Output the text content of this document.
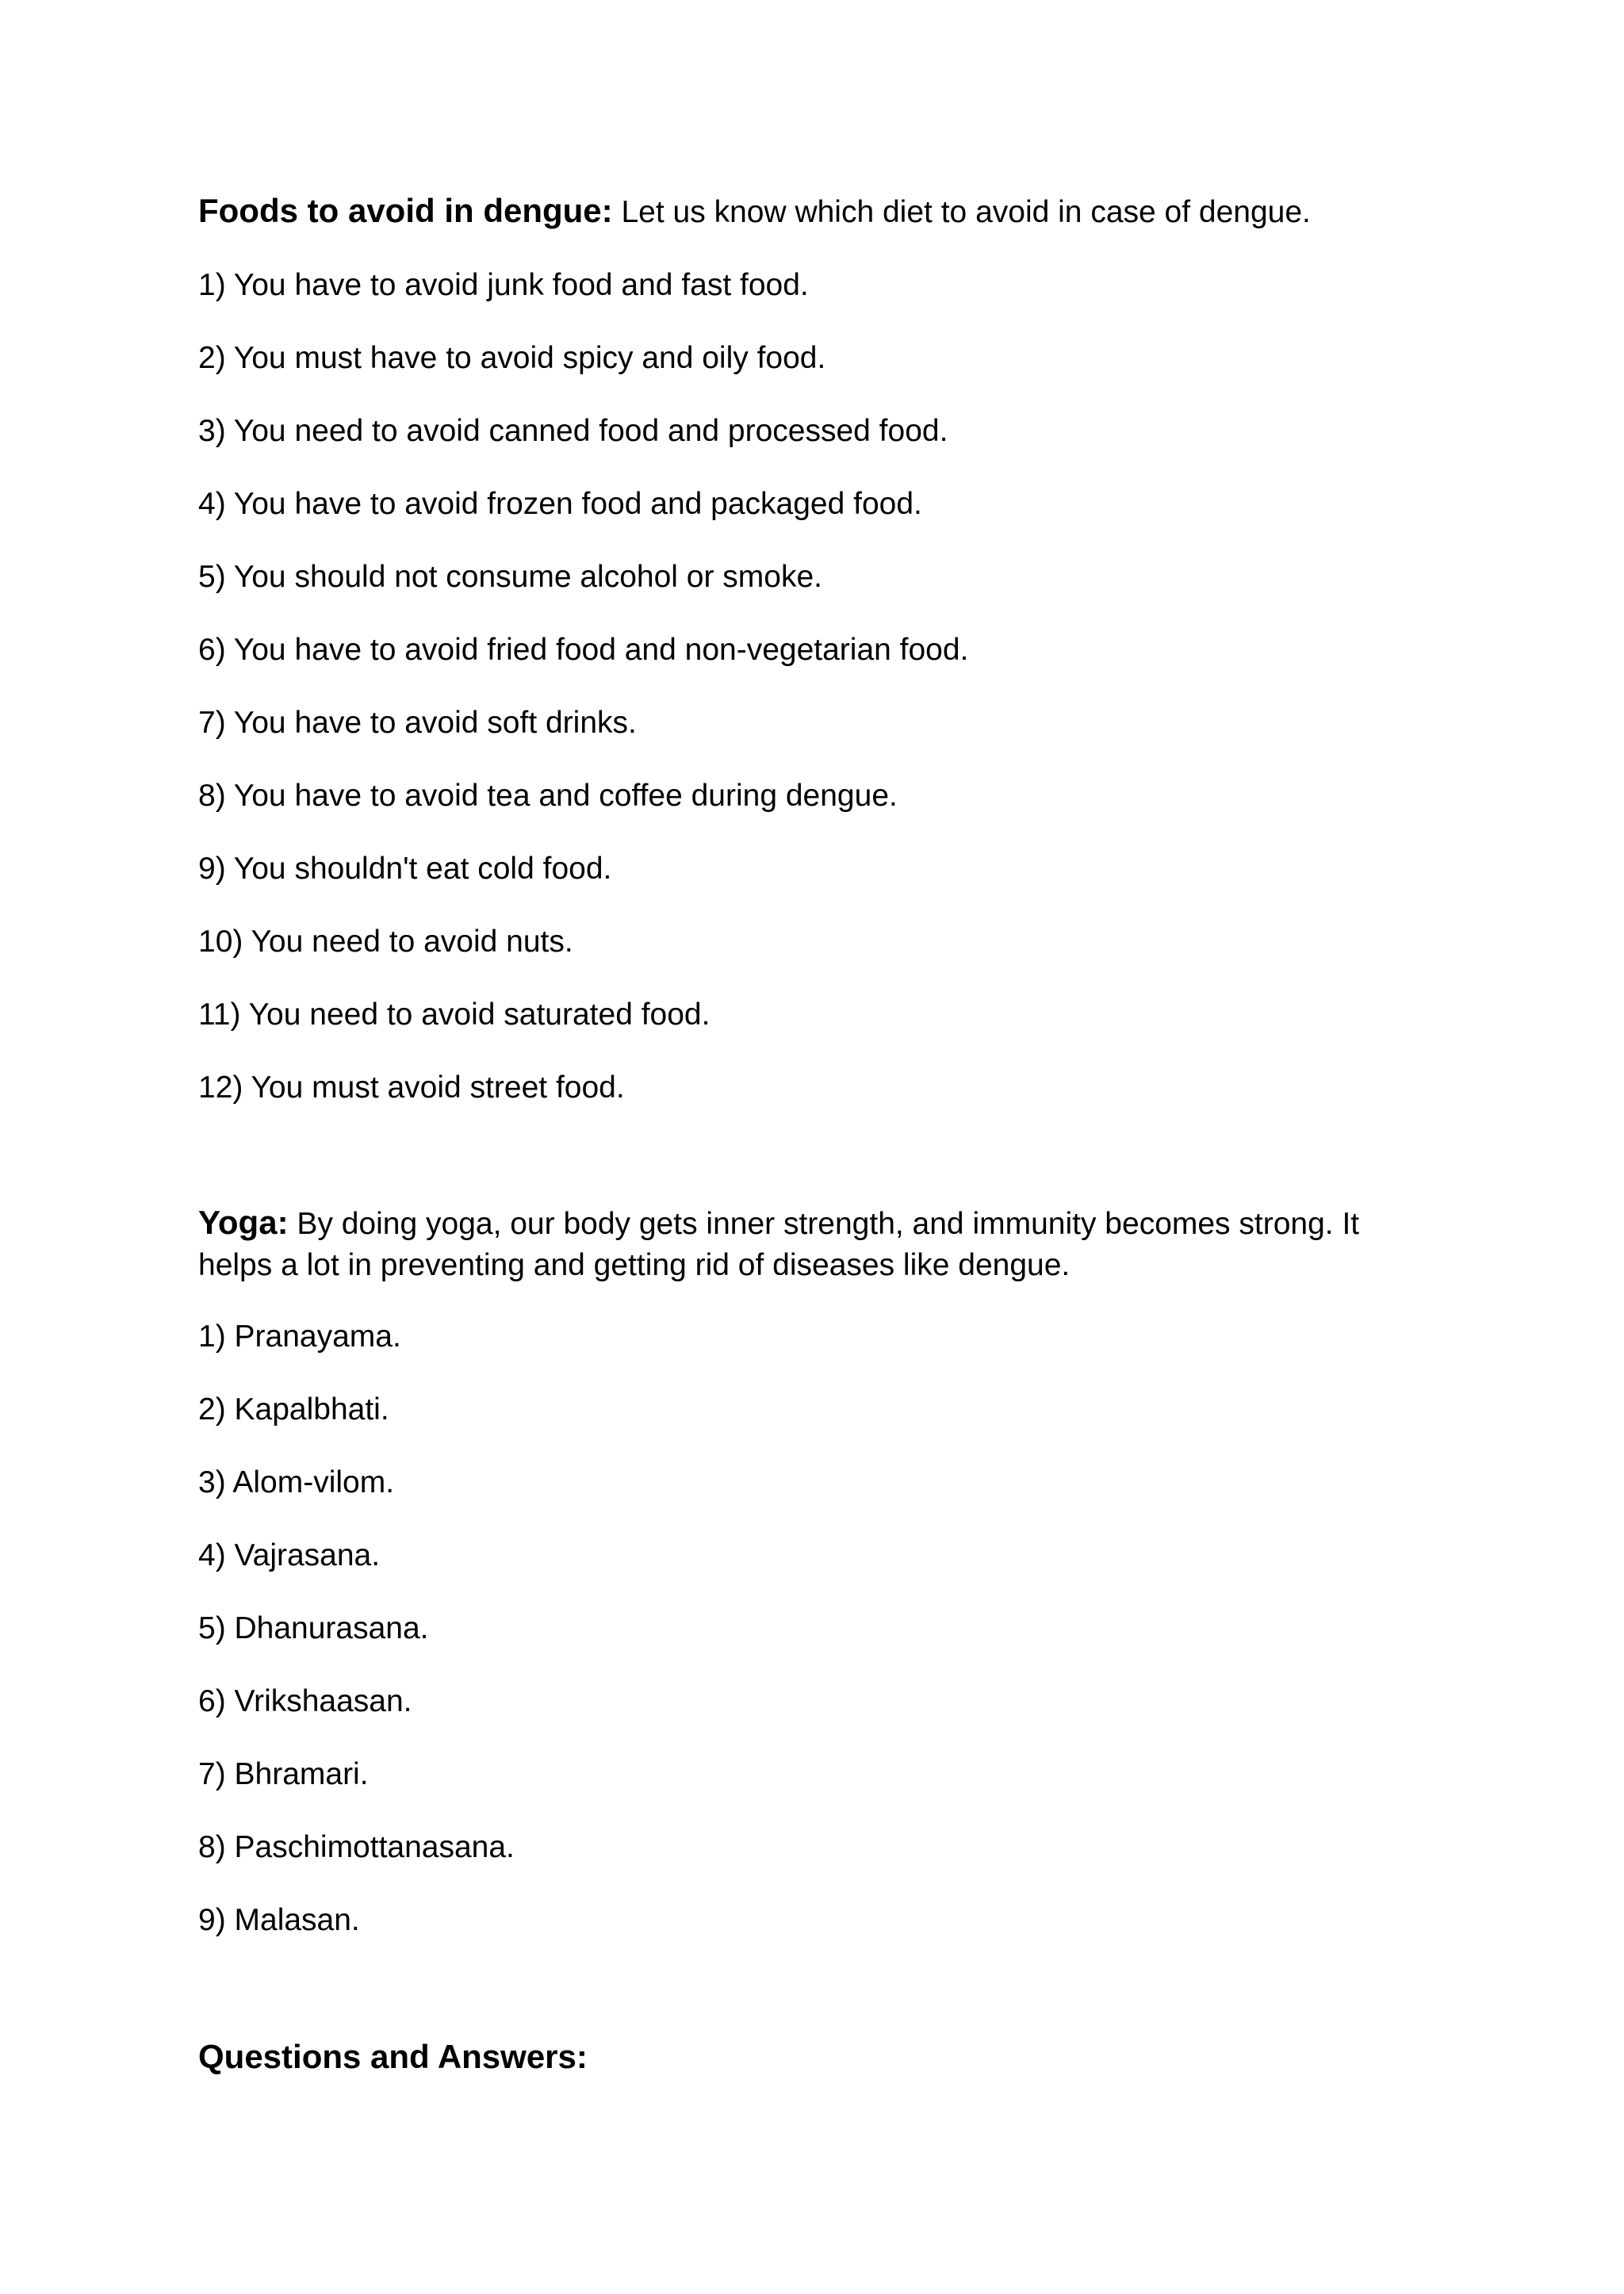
Foods to avoid in dengue: Let us know which diet to avoid in case of dengue.

1) You have to avoid junk food and fast food.
2) You must have to avoid spicy and oily food.
3) You need to avoid canned food and processed food.
4) You have to avoid frozen food and packaged food.
5) You should not consume alcohol or smoke.
6) You have to avoid fried food and non-vegetarian food.
7) You have to avoid soft drinks.
8) You have to avoid tea and coffee during dengue.
9) You shouldn't eat cold food.
10) You need to avoid nuts.
11) You need to avoid saturated food.
12) You must avoid street food.

Yoga: By doing yoga, our body gets inner strength, and immunity becomes strong. It helps a lot in preventing and getting rid of diseases like dengue.

1) Pranayama.
2) Kapalbhati.
3) Alom-vilom.
4) Vajrasana.
5) Dhanurasana.
6) Vrikshaasan.
7) Bhramari.
8) Paschimottanasana.
9) Malasan.

Questions and Answers:
